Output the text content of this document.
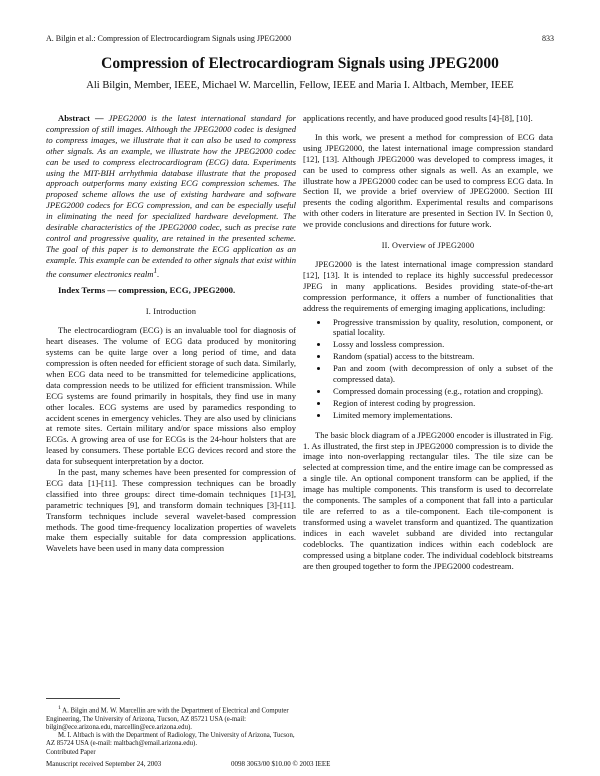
A. Bilgin et al.: Compression of Electrocardiogram Signals using JPEG2000	833
Compression of Electrocardiogram Signals using JPEG2000
Ali Bilgin, Member, IEEE, Michael W. Marcellin, Fellow, IEEE and Maria I. Altbach, Member, IEEE

Abstract — JPEG2000 is the latest international standard for compression of still images. Although the JPEG2000 codec is designed to compress images, we illustrate that it can also be used to compress other signals. As an example, we illustrate how the JPEG2000 codec can be used to compress electrocardiogram (ECG) data. Experiments using the MIT-BIH arrhythmia database illustrate that the proposed approach outperforms many existing ECG compression schemes. The proposed scheme allows the use of existing hardware and software JPEG2000 codecs for ECG compression, and can be especially useful in eliminating the need for specialized hardware development. The desirable characteristics of the JPEG2000 codec, such as precise rate control and progressive quality, are retained in the presented scheme. The goal of this paper is to demonstrate the ECG application as an example. This example can be extended to other signals that exist within the consumer electronics realm$^1$.

Index Terms — compression, ECG, JPEG2000.

I. Introduction

The electrocardiogram (ECG) is an invaluable tool for diagnosis of heart diseases. The volume of ECG data produced by monitoring systems can be quite large over a long period of time, and data compression is often needed for efficient storage of such data. Similarly, when ECG data need to be transmitted for telemedicine applications, data compression needs to be utilized for efficient transmission. While ECG systems are found primarily in hospitals, they find use in many other locales. ECG systems are used by paramedics responding to accident scenes in emergency vehicles. They are also used by clinicians at remote sites. Certain military and/or space missions also employ ECGs. A growing area of use for ECGs is the 24-hour holsters that are leased by consumers. These portable ECG devices record and store the data for subsequent interpretation by a doctor.

In the past, many schemes have been presented for compression of ECG data [1]-[11]. These compression techniques can be broadly classified into three groups: direct time-domain techniques [1]-[3], parametric techniques [9], and transform domain techniques [3]-[11]. Transform techniques include several wavelet-based compression methods. The good time-frequency localization properties of wavelets make them especially suitable for data compression applications. Wavelets have been used in many data compression

applications recently, and have produced good results [4]-[8], [10].

In this work, we present a method for compression of ECG data using JPEG2000, the latest international image compression standard [12], [13]. Although JPEG2000 was developed to compress images, it can be used to compress other signals as well. As an example, we illustrate how a JPEG2000 codec can be used to compress ECG data. In Section II, we provide a brief overview of JPEG2000. Section III presents the coding algorithm. Experimental results and comparisons with other coders in literature are presented in Section IV. In Section 0, we provide conclusions and directions for future work.

II. Overview of JPEG2000

JPEG2000 is the latest international image compression standard [12], [13]. It is intended to replace its highly successful predecessor JPEG in many applications. Besides providing state-of-the-art compression performance, it offers a number of functionalities that address the requirements of emerging imaging applications, including:

• Progressive transmission by quality, resolution, component, or spatial locality.
• Lossy and lossless compression.
• Random (spatial) access to the bitstream.
• Pan and zoom (with decompression of only a subset of the compressed data).
• Compressed domain processing (e.g., rotation and cropping).
• Region of interest coding by progression.
• Limited memory implementations.

The basic block diagram of a JPEG2000 encoder is illustrated in Fig. 1. As illustrated, the first step in JPEG2000 compression is to divide the image into non-overlapping rectangular tiles. The tile size can be selected at compression time, and the entire image can be compressed as a single tile. An optional component transform can be applied, if the image has multiple components. This transform is used to decorrelate the components. The samples of a component that fall into a particular tile are referred to as a tile-component. Each tile-component is transformed using a wavelet transform and quantized. The quantization indices in each wavelet subband are divided into rectangular codeblocks. The quantization indices within each codeblock are compressed using a bitplane coder. The individual codeblock bitstreams are then grouped together to form the JPEG2000 codestream.

$^1$ A. Bilgin and M. W. Marcellin are with the Department of Electrical and Computer Engineering, The University of Arizona, Tucson, AZ 85721 USA (e-mail: bilgin@ece.arizona.edu, marcellin@ece.arizona.edu).

M. I. Altbach is with the Department of Radiology, The University of Arizona, Tucson, AZ 85724 USA (e-mail: maltbach@email.arizona.edu).

Contributed Paper

Manuscript received September 24, 2003	0098 3063/00 $10.00 © 2003 IEEE
